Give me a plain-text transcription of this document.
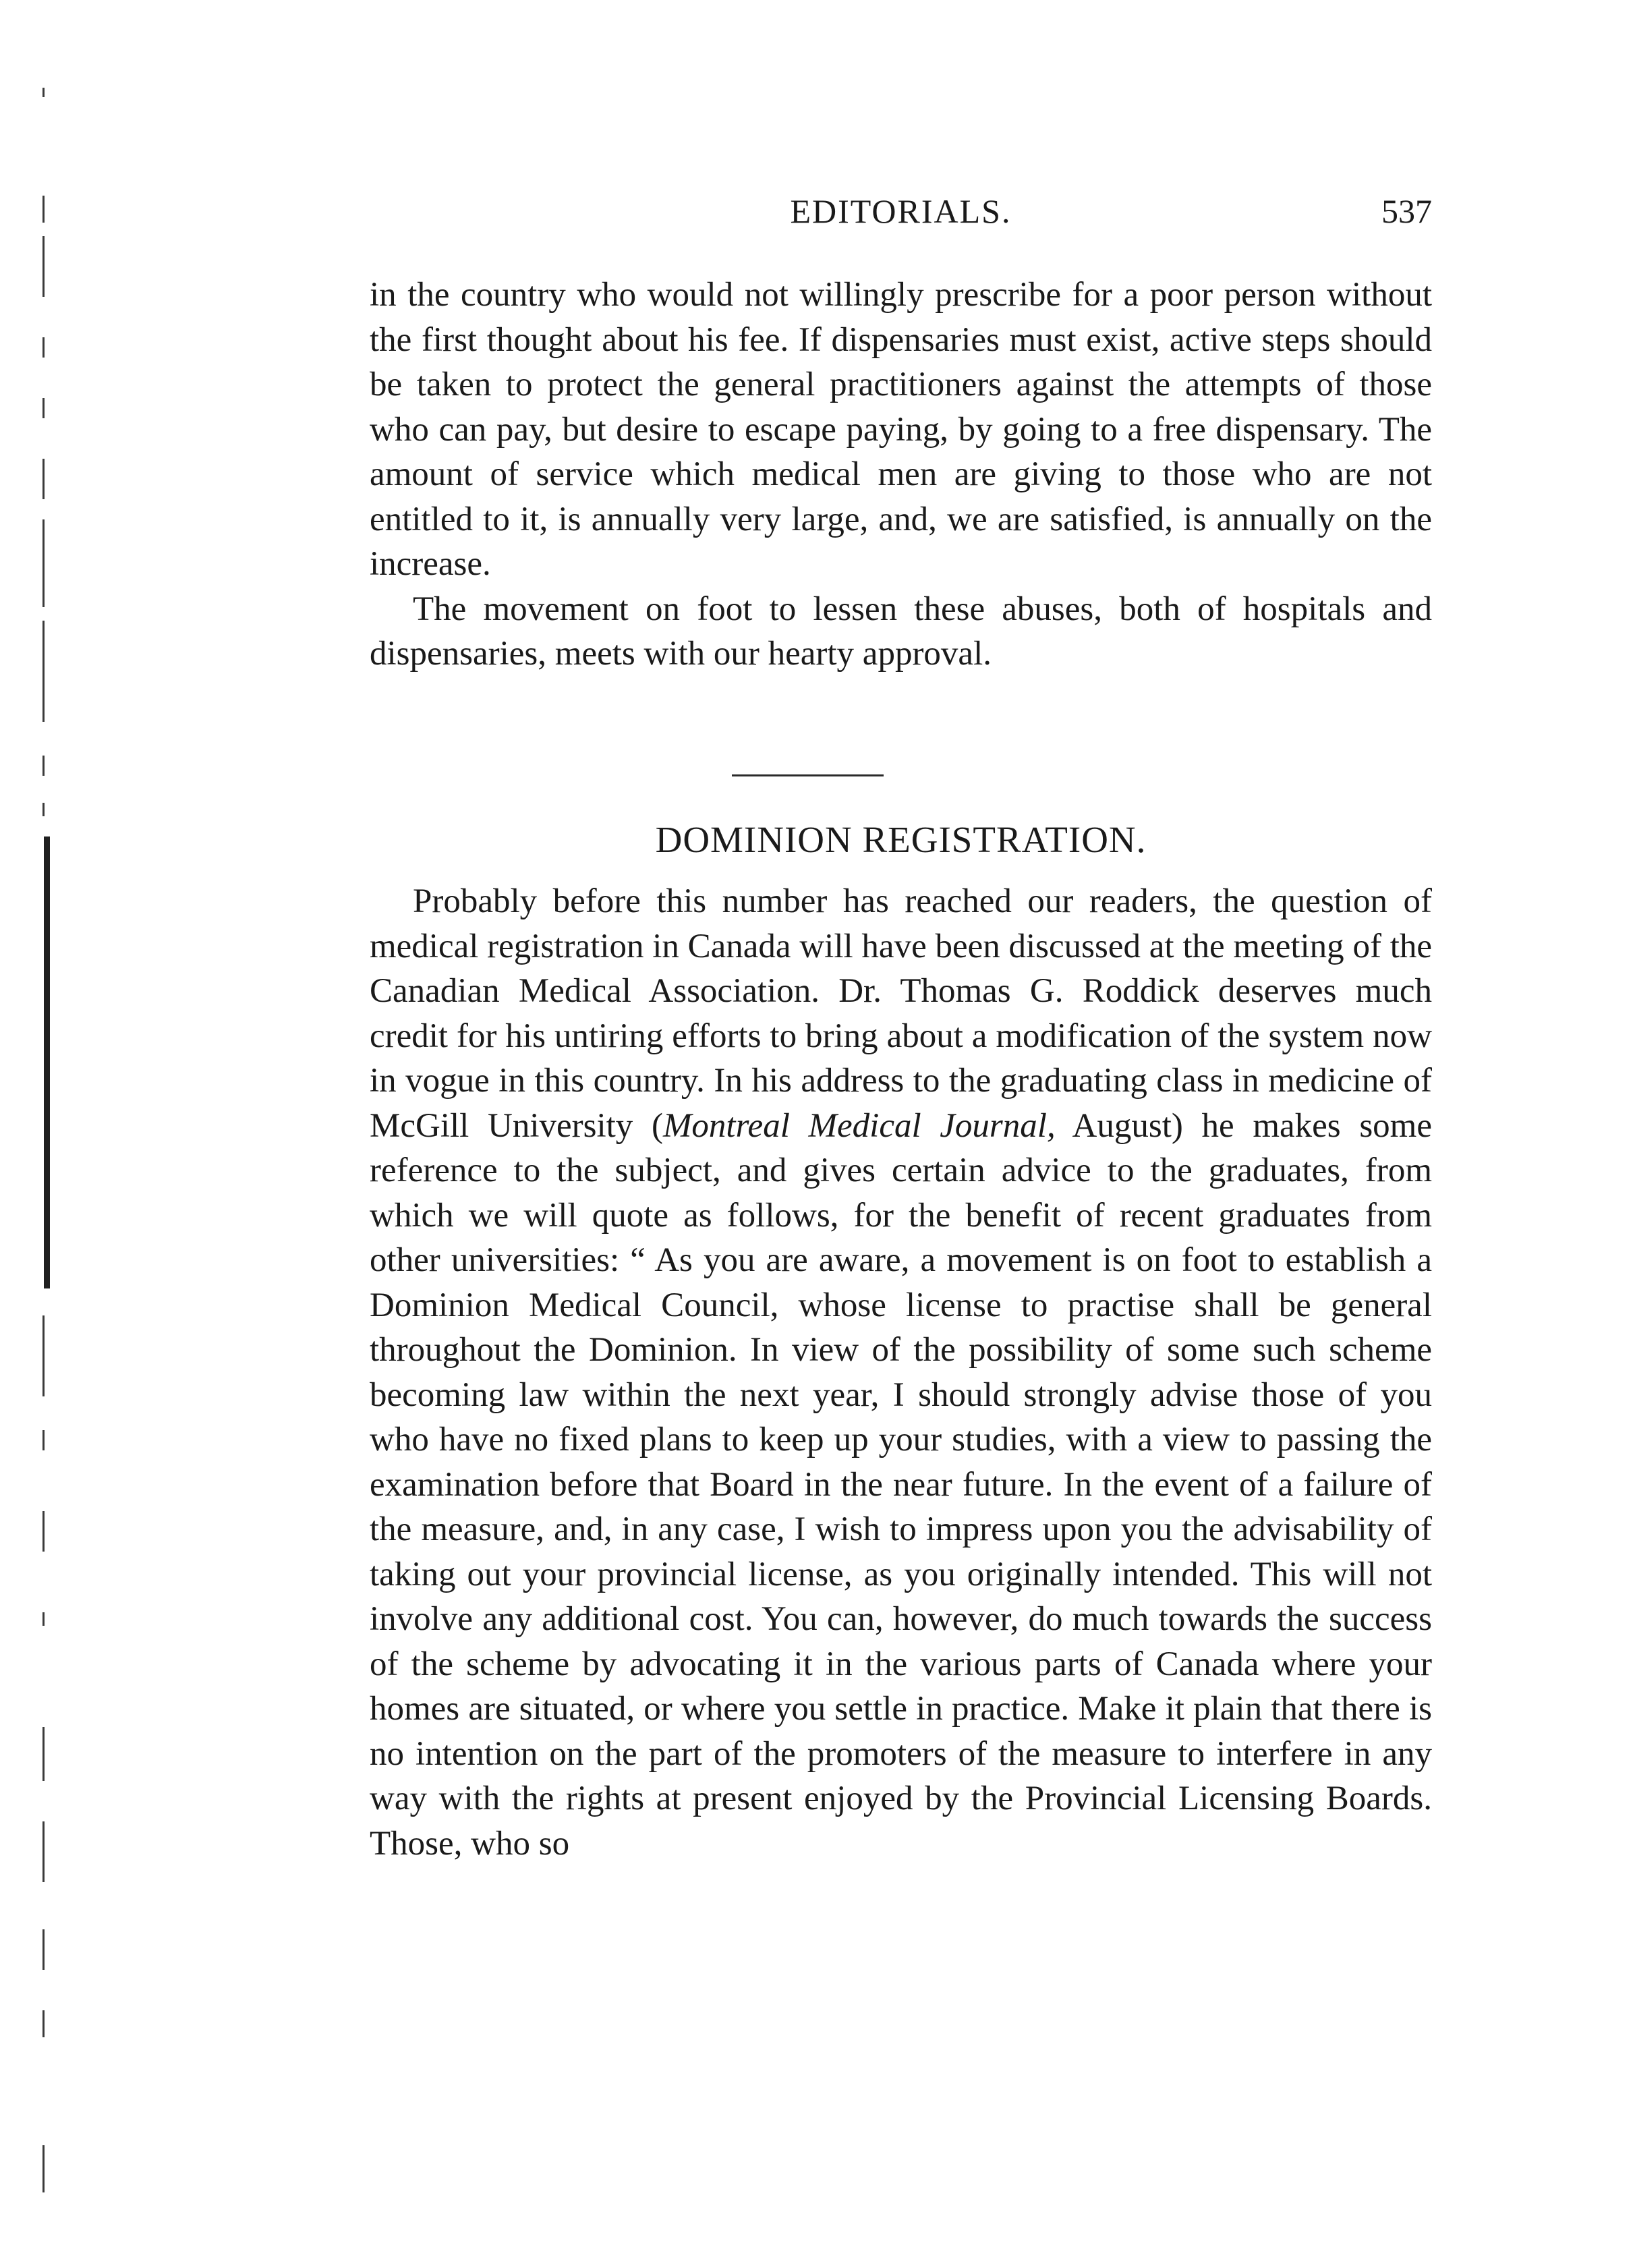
EDITORIALS.	537

in the country who would not willingly prescribe for a poor person without the first thought about his fee. If dispensaries must exist, active steps should be taken to protect the general practitioners against the attempts of those who can pay, but desire to escape paying, by going to a free dispensary. The amount of service which medical men are giving to those who are not entitled to it, is annually very large, and, we are satisfied, is annually on the increase.

The movement on foot to lessen these abuses, both of hospitals and dispensaries, meets with our hearty approval.

DOMINION REGISTRATION.

Probably before this number has reached our readers, the question of medical registration in Canada will have been discussed at the meeting of the Canadian Medical Association. Dr. Thomas G. Roddick deserves much credit for his untiring efforts to bring about a modification of the system now in vogue in this country. In his address to the graduating class in medicine of McGill University (Montreal Medical Journal, August) he makes some reference to the subject, and gives certain advice to the graduates, from which we will quote as follows, for the benefit of recent graduates from other universities: “ As you are aware, a movement is on foot to establish a Dominion Medical Council, whose license to practise shall be general throughout the Dominion. In view of the possibility of some such scheme becoming law within the next year, I should strongly advise those of you who have no fixed plans to keep up your studies, with a view to passing the examination before that Board in the near future. In the event of a failure of the measure, and, in any case, I wish to impress upon you the advisability of taking out your provincial license, as you originally intended. This will not involve any additional cost. You can, however, do much towards the success of the scheme by advocating it in the various parts of Canada where your homes are situated, or where you settle in practice. Make it plain that there is no intention on the part of the promoters of the measure to interfere in any way with the rights at present enjoyed by the Provincial Licensing Boards. Those, who so
